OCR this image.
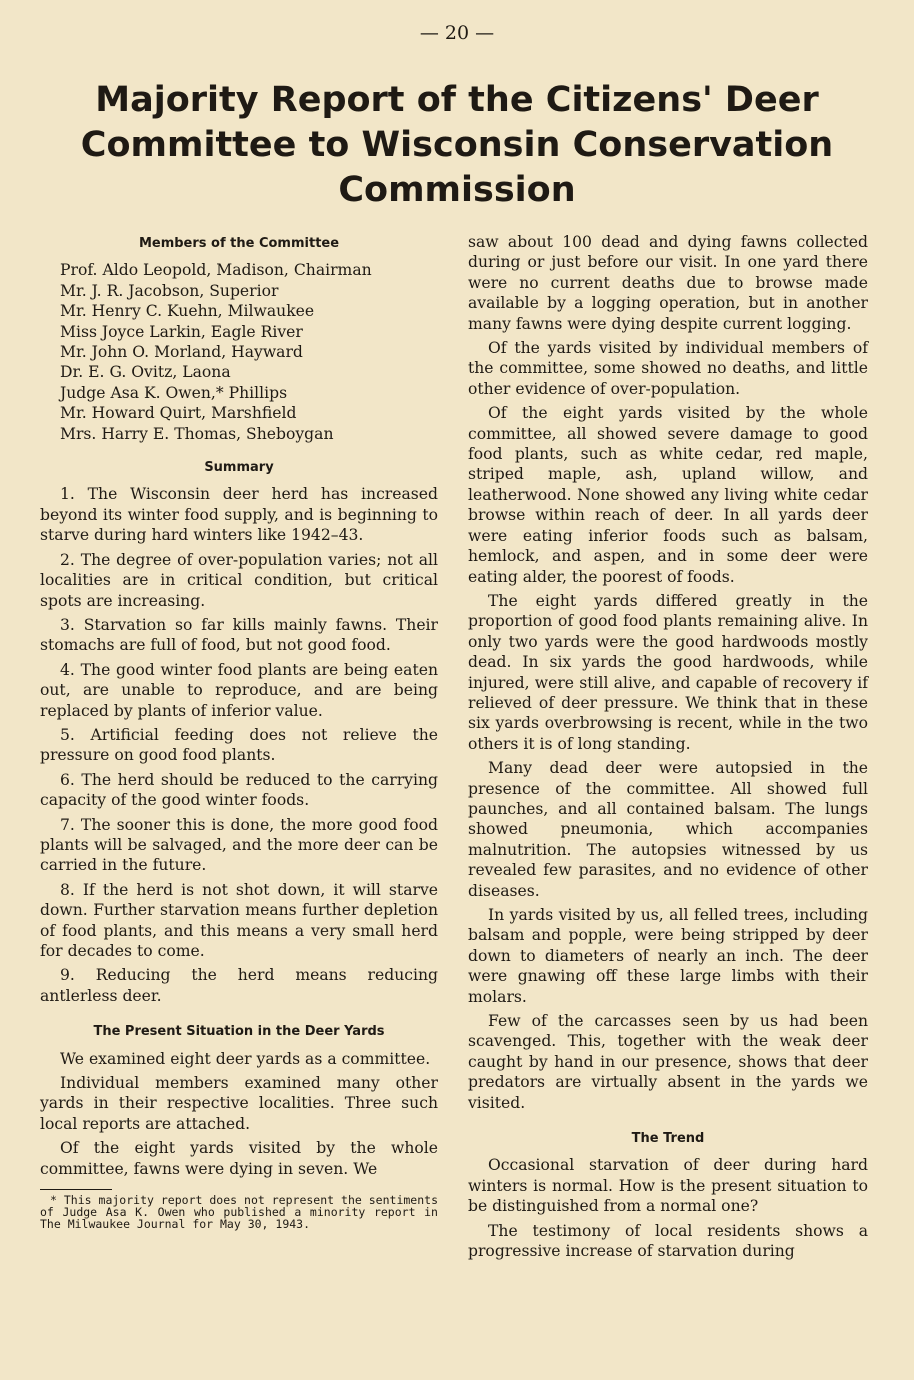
— 20 —
Majority Report of the Citizens' Deer Committee to Wisconsin Conservation Commission
Members of the Committee
Prof. Aldo Leopold, Madison, Chairman
Mr. J. R. Jacobson, Superior
Mr. Henry C. Kuehn, Milwaukee
Miss Joyce Larkin, Eagle River
Mr. John O. Morland, Hayward
Dr. E. G. Ovitz, Laona
Judge Asa K. Owen,* Phillips
Mr. Howard Quirt, Marshfield
Mrs. Harry E. Thomas, Sheboygan
Summary
1. The Wisconsin deer herd has increased beyond its winter food supply, and is beginning to starve during hard winters like 1942–43.
2. The degree of over-population varies; not all localities are in critical condition, but critical spots are increasing.
3. Starvation so far kills mainly fawns. Their stomachs are full of food, but not good food.
4. The good winter food plants are being eaten out, are unable to reproduce, and are being replaced by plants of inferior value.
5. Artificial feeding does not relieve the pressure on good food plants.
6. The herd should be reduced to the carrying capacity of the good winter foods.
7. The sooner this is done, the more good food plants will be salvaged, and the more deer can be carried in the future.
8. If the herd is not shot down, it will starve down. Further starvation means further depletion of food plants, and this means a very small herd for decades to come.
9. Reducing the herd means reducing antlerless deer.
The Present Situation in the Deer Yards

We examined eight deer yards as a committee.

Individual members examined many other yards in their respective localities. Three such local reports are attached.

Of the eight yards visited by the whole committee, fawns were dying in seven. We

* This majority report does not represent the sentiments of Judge Asa K. Owen who published a minority report in The Milwaukee Journal for May 30, 1943.

saw about 100 dead and dying fawns collected during or just before our visit. In one yard there were no current deaths due to browse made available by a logging operation, but in another many fawns were dying despite current logging.

Of the yards visited by individual members of the committee, some showed no deaths, and little other evidence of over-population.

Of the eight yards visited by the whole committee, all showed severe damage to good food plants, such as white cedar, red maple, striped maple, ash, upland willow, and leatherwood. None showed any living white cedar browse within reach of deer. In all yards deer were eating inferior foods such as balsam, hemlock, and aspen, and in some deer were eating alder, the poorest of foods.

The eight yards differed greatly in the proportion of good food plants remaining alive. In only two yards were the good hardwoods mostly dead. In six yards the good hardwoods, while injured, were still alive, and capable of recovery if relieved of deer pressure. We think that in these six yards overbrowsing is recent, while in the two others it is of long standing.

Many dead deer were autopsied in the presence of the committee. All showed full paunches, and all contained balsam. The lungs showed pneumonia, which accompanies malnutrition. The autopsies witnessed by us revealed few parasites, and no evidence of other diseases.

In yards visited by us, all felled trees, including balsam and popple, were being stripped by deer down to diameters of nearly an inch. The deer were gnawing off these large limbs with their molars.

Few of the carcasses seen by us had been scavenged. This, together with the weak deer caught by hand in our presence, shows that deer predators are virtually absent in the yards we visited.

The Trend

Occasional starvation of deer during hard winters is normal. How is the present situation to be distinguished from a normal one?

The testimony of local residents shows a progressive increase of starvation during
